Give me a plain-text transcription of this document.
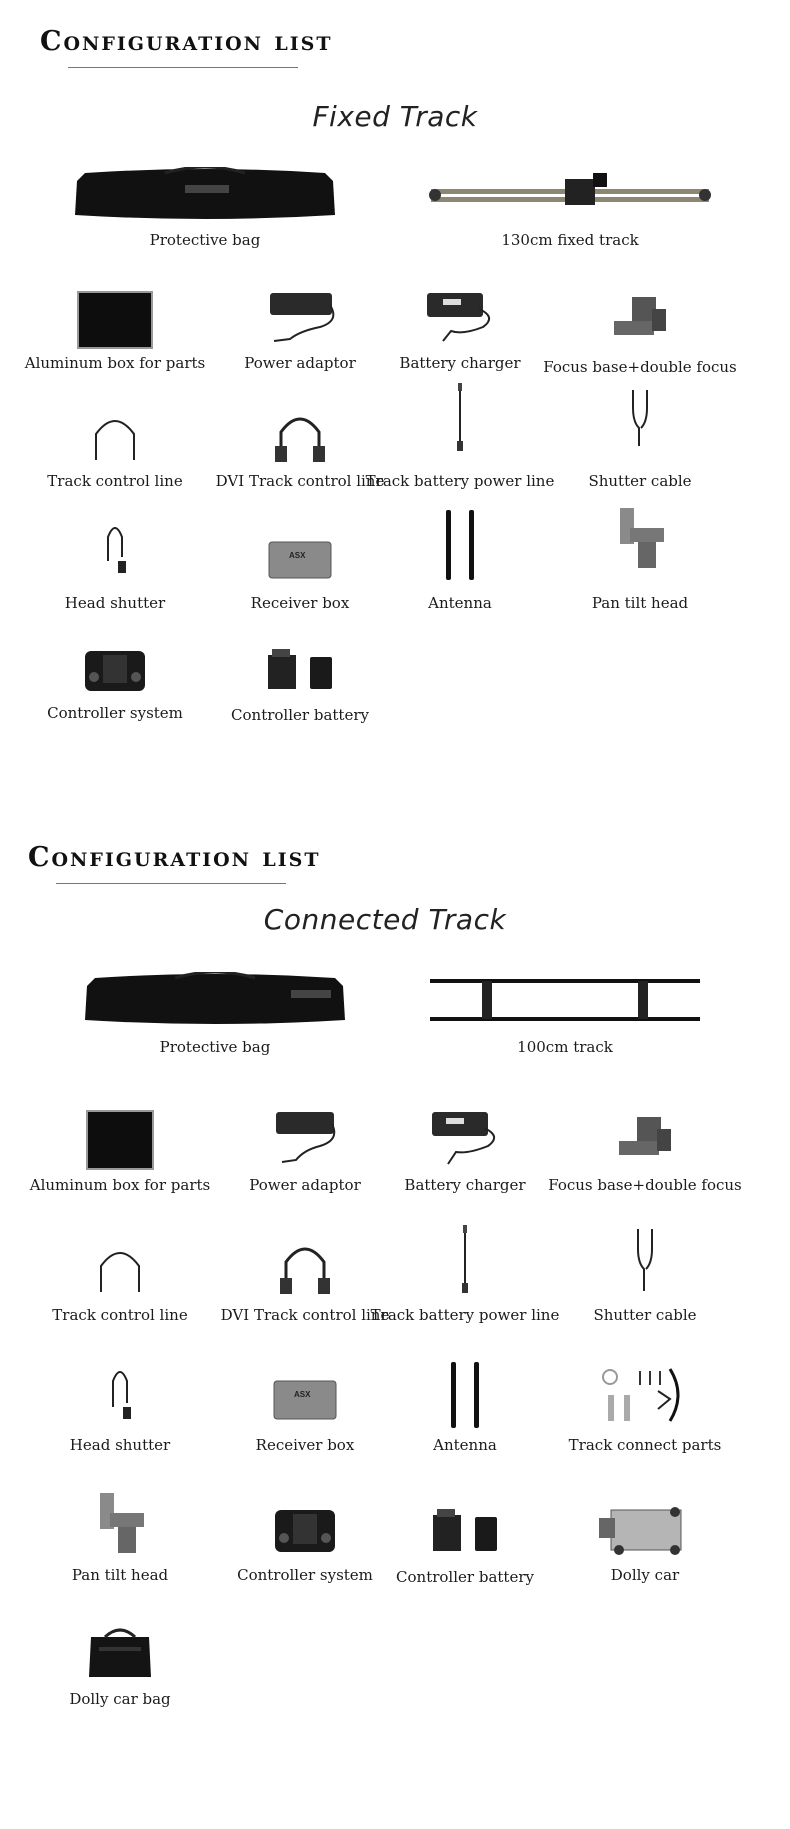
Configuration list
Fixed Track
Protective bag	130cm fixed track
Aluminum box for parts	Power adaptor	Battery charger	Focus base+double focus
Track control line	DVI Track control line
Track battery power line	Shutter cable
Head shutter
ASX
Receiver box	Antenna	Pan tilt head
Controller system	Controller battery
Configuration list
Connected Track
Protective bag	100cm track
Aluminum box for parts	Power adaptor	Battery charger	Focus base+double focus
Track control line	DVI Track control line
Track battery power line	Shutter cable
Head shutter
ASX
Receiver box	Antenna	Track connect parts
Pan tilt head	Controller system	Controller battery	Dolly car
Dolly car bag
